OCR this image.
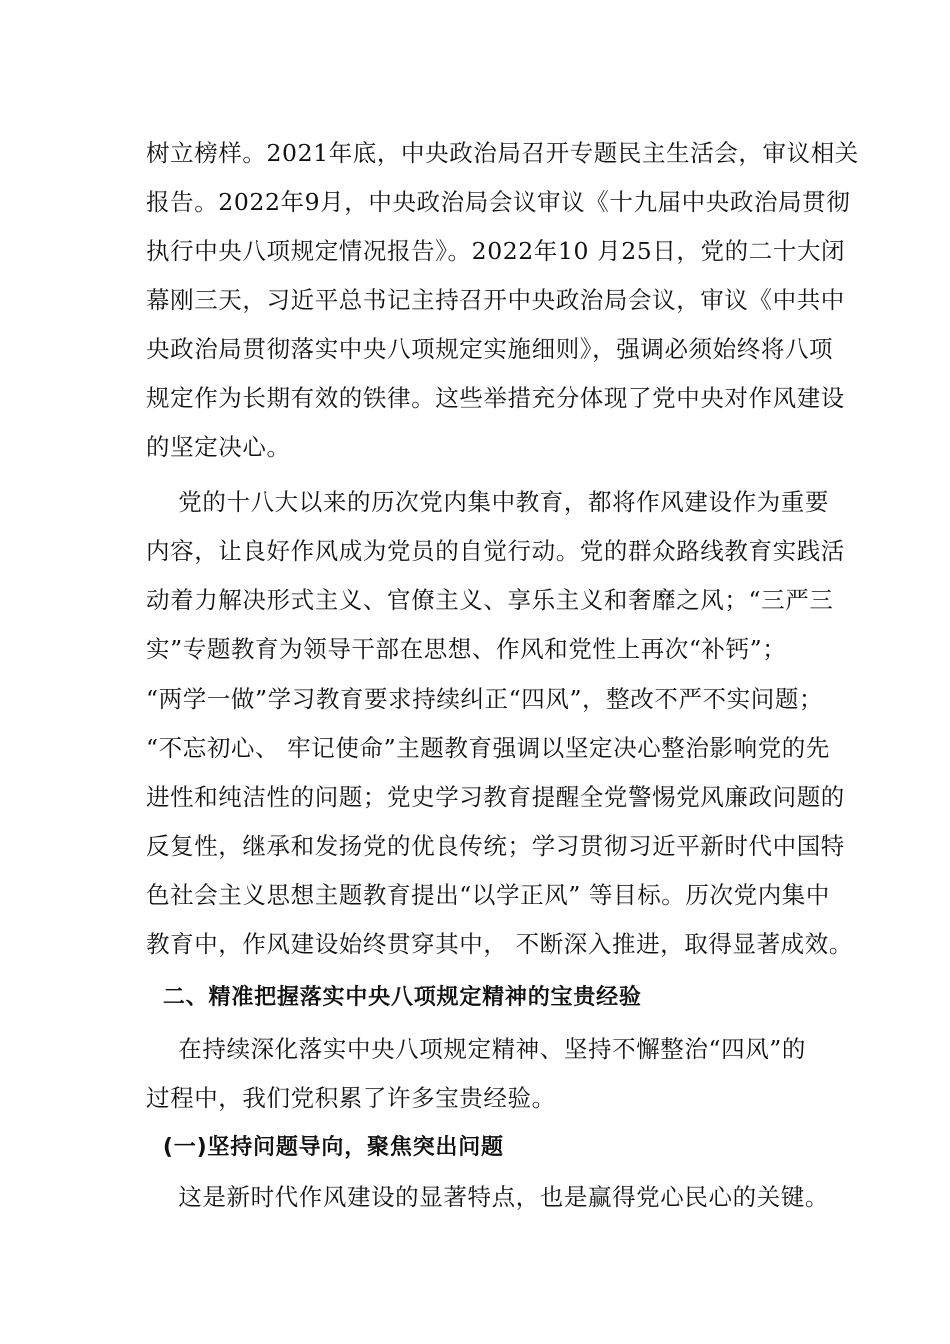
树立榜样。2021年底，中央政治局召开专题民主生活会，审议相关
报告。2022年9月，中央政治局会议审议《十九届中央政治局贯彻
执行中央八项规定情况报告》。2022年10 月25日，党的二十大闭
幕刚三天，习近平总书记主持召开中央政治局会议，审议《中共中
央政治局贯彻落实中央八项规定实施细则》，强调必须始终将八项
规定作为长期有效的铁律。这些举措充分体现了党中央对作风建设
的坚定决心。
党的十八大以来的历次党内集中教育，都将作风建设作为重要
内容，让良好作风成为党员的自觉行动。党的群众路线教育实践活
动着力解决形式主义、官僚主义、享乐主义和奢靡之风；“三严三
实”专题教育为领导干部在思想、作风和党性上再次“补钙”；
“两学一做”学习教育要求持续纠正“四风”，整改不严不实问题；
“不忘初心、 牢记使命”主题教育强调以坚定决心整治影响党的先
进性和纯洁性的问题；党史学习教育提醒全党警惕党风廉政问题的
反复性，继承和发扬党的优良传统；学习贯彻习近平新时代中国特
色社会主义思想主题教育提出“以学正风” 等目标。历次党内集中
教育中，作风建设始终贯穿其中， 不断深入推进，取得显著成效。
二、精准把握落实中央八项规定精神的宝贵经验
在持续深化落实中央八项规定精神、坚持不懈整治“四风”的
过程中，我们党积累了许多宝贵经验。
(一)坚持问题导向，聚焦突出问题
这是新时代作风建设的显著特点，也是赢得党心民心的关键。
